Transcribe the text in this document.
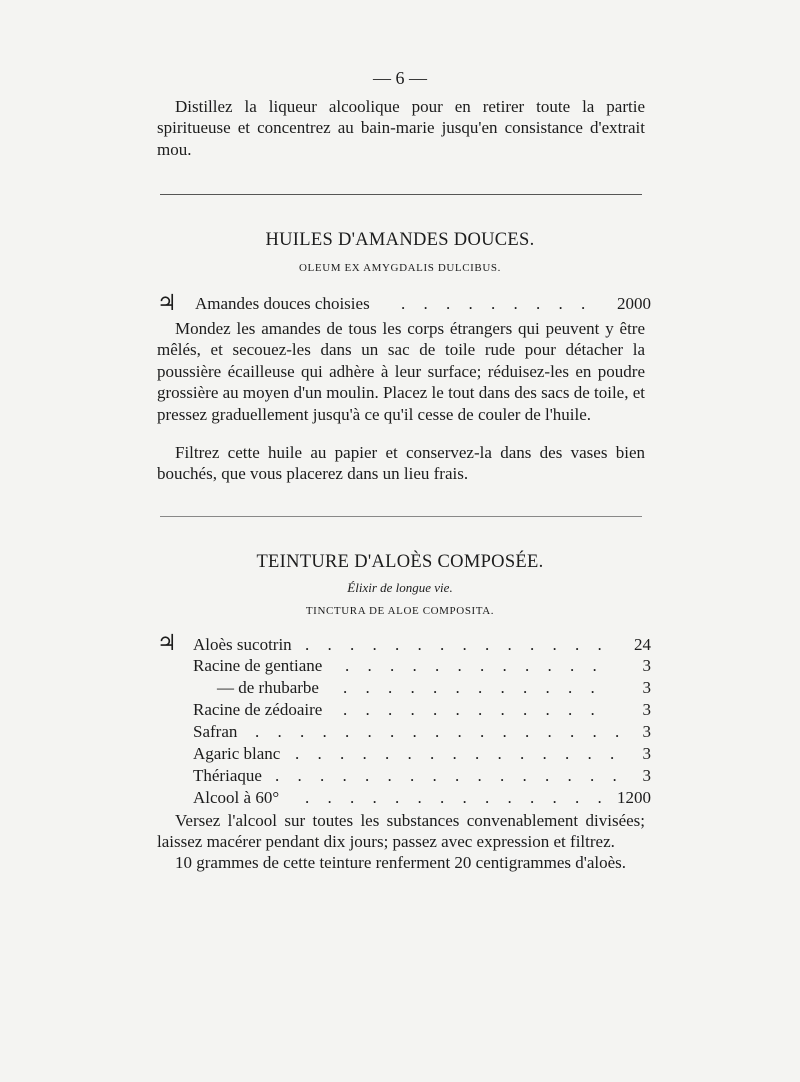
— 6 —

Distillez la liqueur alcoolique pour en retirer toute la partie spiritueuse et concentrez au bain-marie jusqu'en consistance d'extrait mou.

HUILES D'AMANDES DOUCES.
OLEUM EX AMYGDALIS DULCIBUS.
♃ Amandes douces choisies . . . . . . . . . 2000

Mondez les amandes de tous les corps étrangers qui peuvent y être mêlés, et secouez-les dans un sac de toile rude pour détacher la poussière écailleuse qui adhère à leur surface; réduisez-les en poudre grossière au moyen d'un moulin. Placez le tout dans des sacs de toile, et pressez graduellement jusqu'à ce qu'il cesse de couler de l'huile.

Filtrez cette huile au papier et conservez-la dans des vases bien bouchés, que vous placerez dans un lieu frais.

TEINTURE D'ALOÈS COMPOSÉE.
Élixir de longue vie.
TINCTURA DE ALOE COMPOSITA.
♃ Aloès sucotrin . . . . . . . . . . . . . . 24
Racine de gentiane . . . . . . . . . . . . 3
— de rhubarbe . . . . . . . . . . . . 3
Racine de zédoaire . . . . . . . . . . . . 3
Safran . . . . . . . . . . . . . . . . . 3
Agaric blanc . . . . . . . . . . . . . . . 3
Thériaque . . . . . . . . . . . . . . . . 3
Alcool à 60° . . . . . . . . . . . . . . 1200

Versez l'alcool sur toutes les substances convenablement divisées; laissez macérer pendant dix jours; passez avec expression et filtrez.

10 grammes de cette teinture renferment 20 centigrammes d'aloès.
